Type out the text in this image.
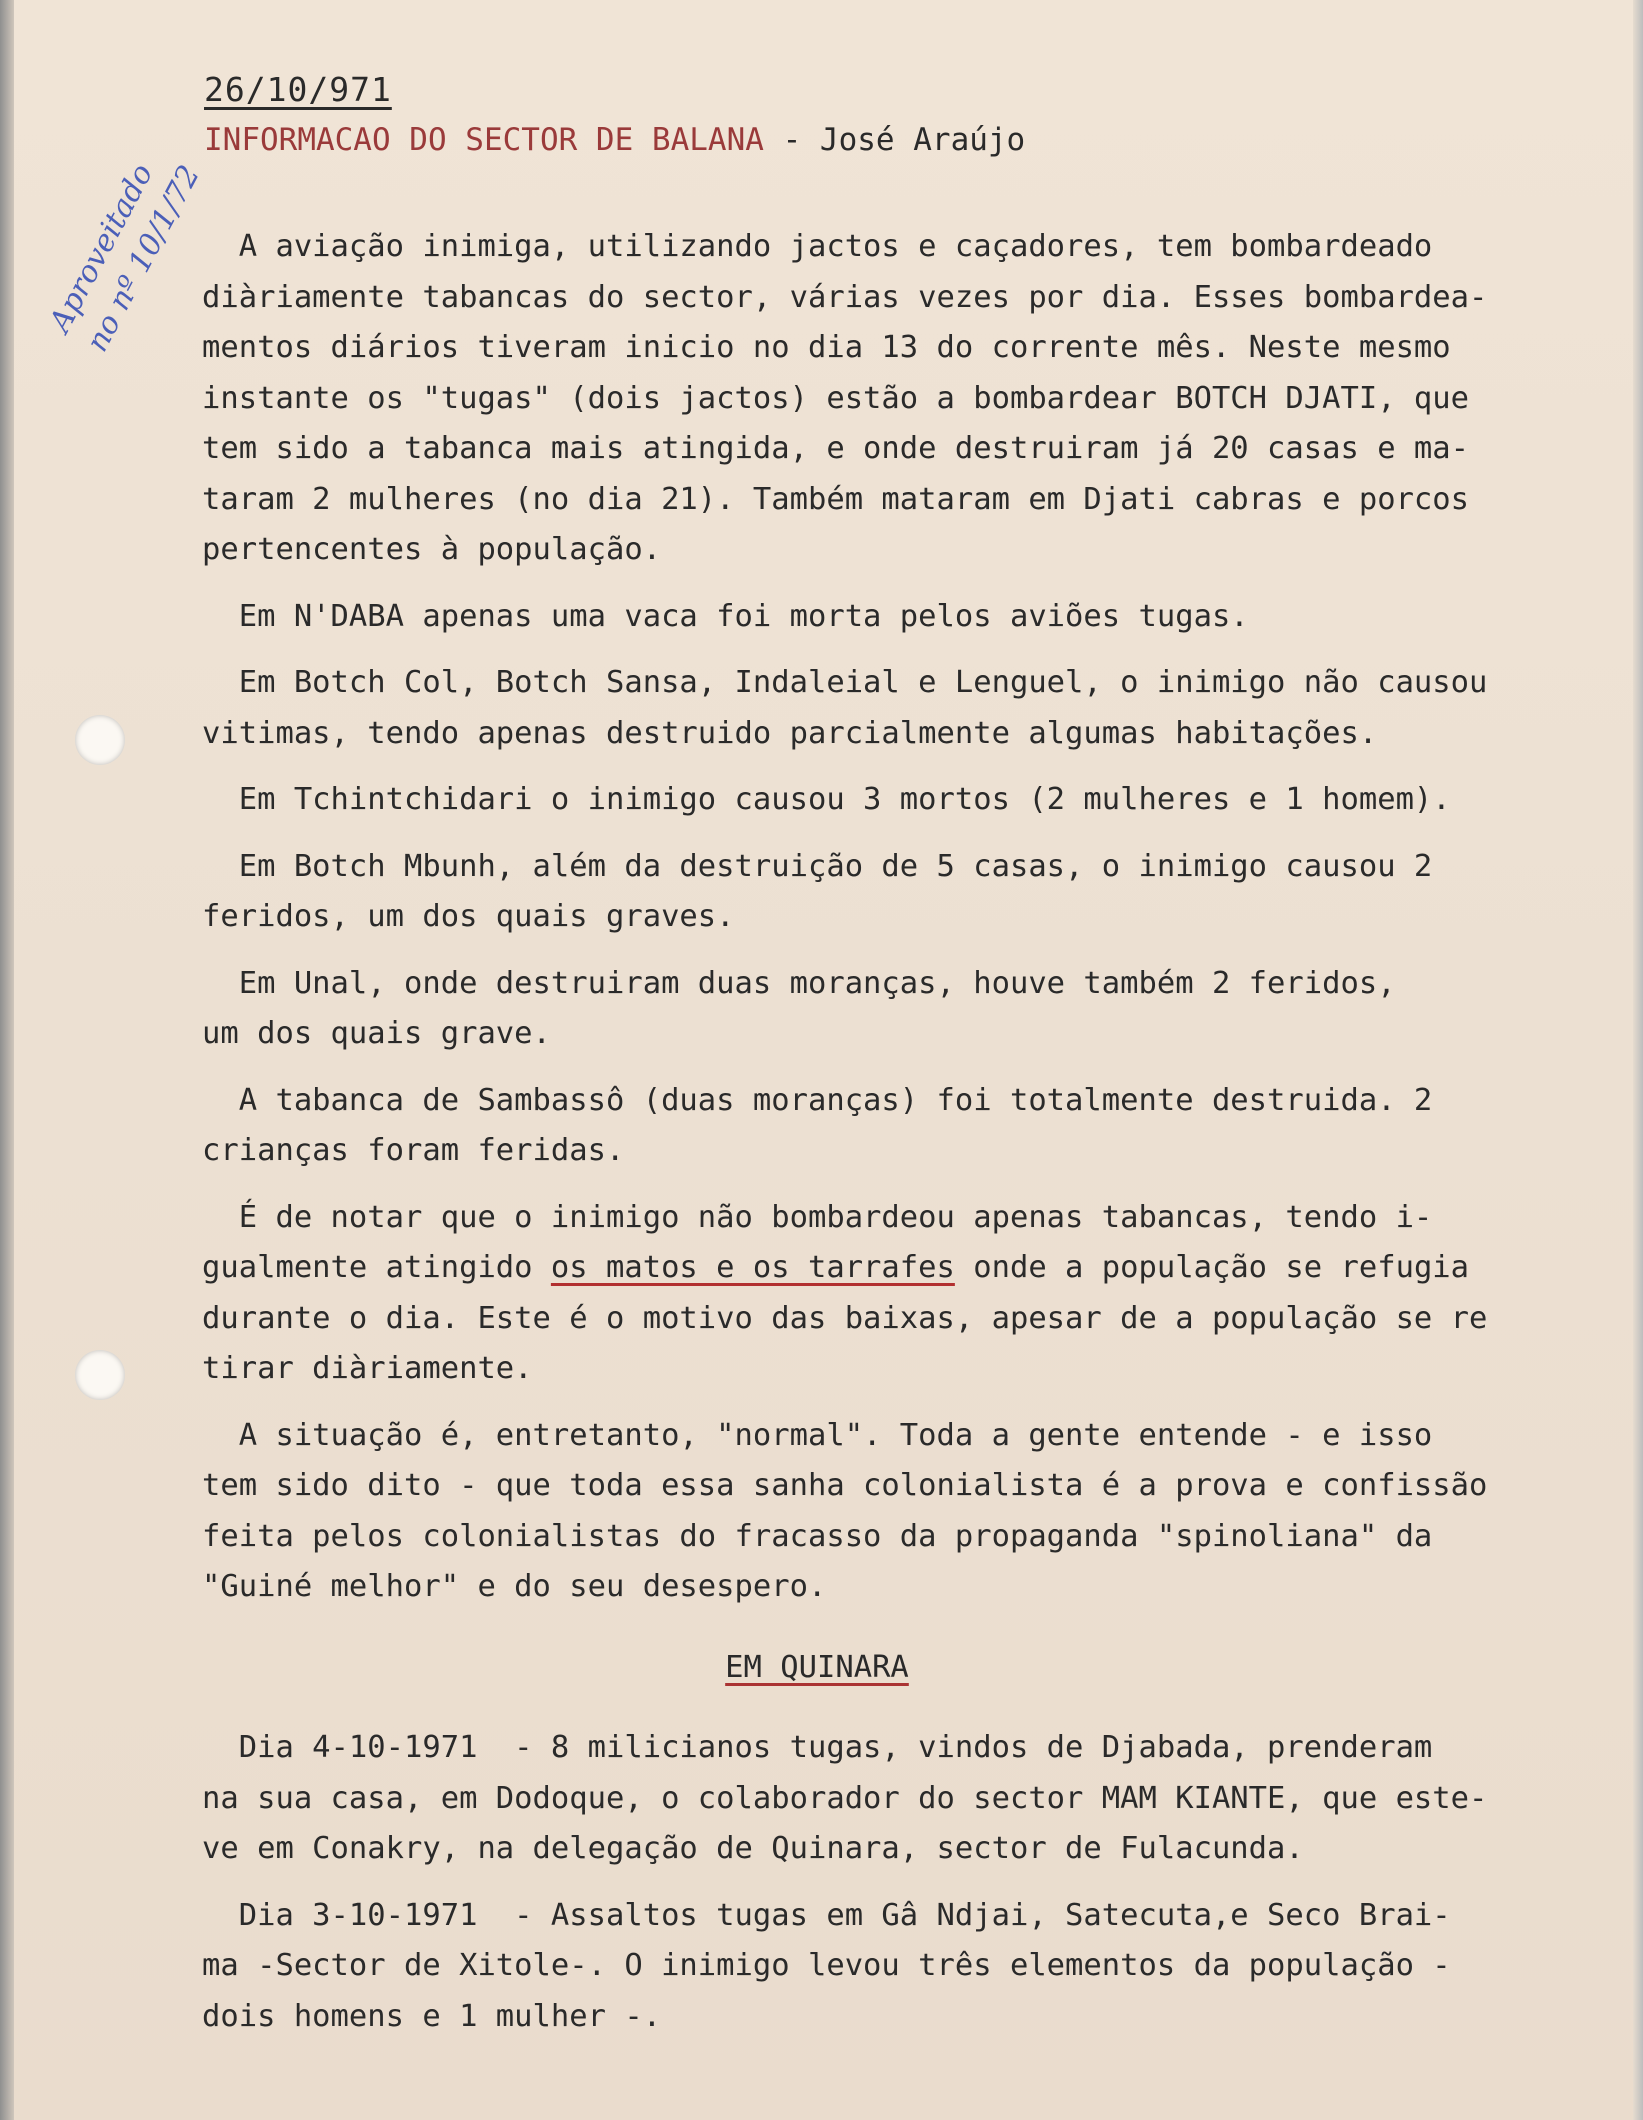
26/10/971
INFORMACAO DO SECTOR DE BALANA - José Araújo
Aproveitado
no nº 10/1/72

A aviação inimiga, utilizando jactos e caçadores, tem bombardeado

diàriamente tabancas do sector, várias vezes por dia. Esses bombardea-

mentos diários tiveram inicio no dia 13 do corrente mês. Neste mesmo

instante os "tugas" (dois jactos) estão a bombardear BOTCH DJATI, que

tem sido a tabanca mais atingida, e onde destruiram já 20 casas e ma-

taram 2 mulheres (no dia 21). Também mataram em Djati cabras e porcos

pertencentes à população.

Em N'DABA apenas uma vaca foi morta pelos aviões tugas.

Em Botch Col, Botch Sansa, Indaleial e Lenguel, o inimigo não causou

vitimas, tendo apenas destruido parcialmente algumas habitações.

Em Tchintchidari o inimigo causou 3 mortos (2 mulheres e 1 homem).

Em Botch Mbunh, além da destruição de 5 casas, o inimigo causou 2

feridos, um dos quais graves.

Em Unal, onde destruiram duas moranças, houve também 2 feridos,

um dos quais grave.

A tabanca de Sambassô (duas moranças) foi totalmente destruida. 2

crianças foram feridas.

É de notar que o inimigo não bombardeou apenas tabancas, tendo i-

gualmente atingido os matos e os tarrafes onde a população se refugia

durante o dia. Este é o motivo das baixas, apesar de a população se re

tirar diàriamente.

A situação é, entretanto, "normal". Toda a gente entende - e isso

tem sido dito - que toda essa sanha colonialista é a prova e confissão

feita pelos colonialistas do fracasso da propaganda "spinoliana" da

"Guiné melhor" e do seu desespero.

EM QUINARA

Dia 4-10-1971  - 8 milicianos tugas, vindos de Djabada, prenderam

na sua casa, em Dodoque, o colaborador do sector MAM KIANTE, que este-

ve em Conakry, na delegação de Quinara, sector de Fulacunda.

Dia 3-10-1971  - Assaltos tugas em Gâ Ndjai, Satecuta,e Seco Brai-

ma -Sector de Xitole-. O inimigo levou três elementos da população -

dois homens e 1 mulher -.
